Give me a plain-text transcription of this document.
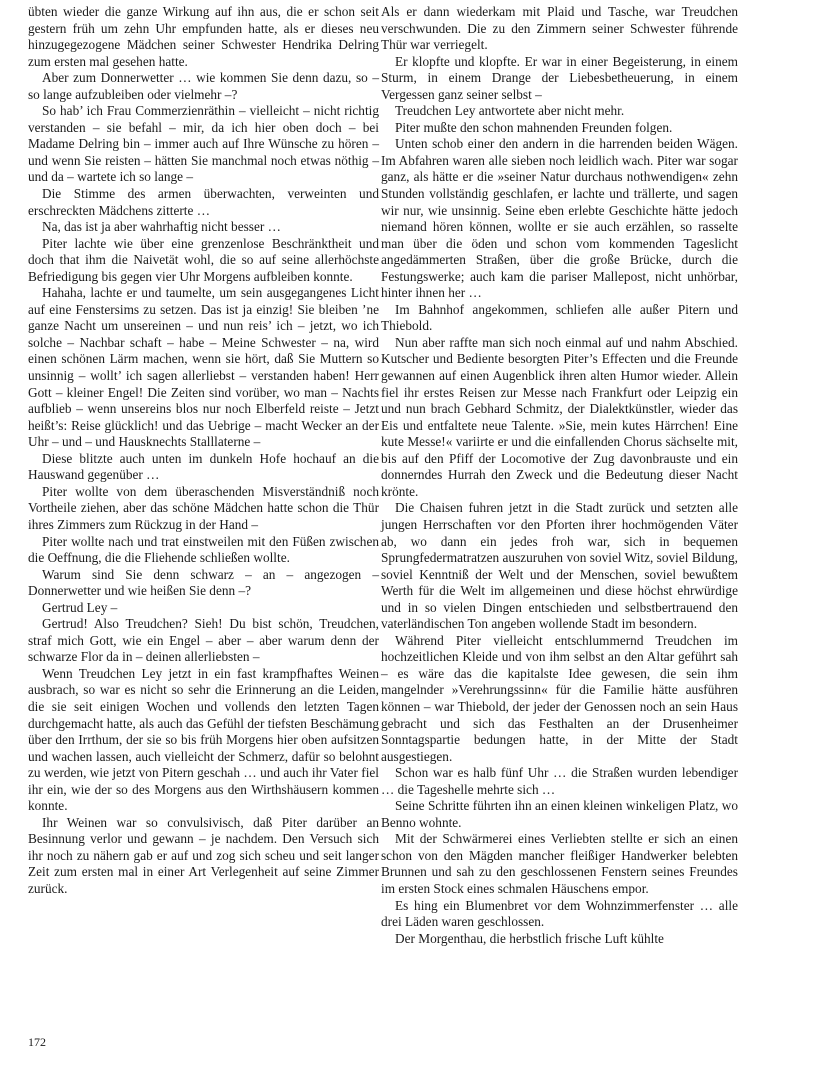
übten wieder die ganze Wirkung auf ihn aus, die er schon seit gestern früh um zehn Uhr empfunden hatte, als er dieses neu hinzugegezogene Mädchen seiner Schwester Hendrika Delring zum ersten mal gesehen hatte.

Aber zum Donnerwetter … wie kommen Sie denn dazu, so – so lange aufzubleiben oder vielmehr –?

So hab’ ich Frau Commerzienräthin – vielleicht – nicht richtig verstanden – sie befahl – mir, da ich hier oben doch – bei Madame Delring bin – immer auch auf Ihre Wünsche zu hören – und wenn Sie reisten – hätten Sie manchmal noch etwas nöthig – und da – wartete ich so lange –

Die Stimme des armen überwachten, verweinten und erschreckten Mädchens zitterte …

Na, das ist ja aber wahrhaftig nicht besser …

Piter lachte wie über eine grenzenlose Beschränktheit und doch that ihm die Naivetät wohl, die so auf seine allerhöchste Befriedigung bis gegen vier Uhr Morgens aufbleiben konnte.

Hahaha, lachte er und taumelte, um sein ausgegangenes Licht auf eine Fenstersims zu setzen. Das ist ja einzig! Sie bleiben ’ne ganze Nacht um unsereinen – und nun reis’ ich – jetzt, wo ich solche – Nachbar schaft – habe – Meine Schwester – na, wird einen schönen Lärm machen, wenn sie hört, daß Sie Muttern so unsinnig – wollt’ ich sagen allerliebst – verstanden haben! Herr Gott – kleiner Engel! Die Zeiten sind vorüber, wo man – Nachts aufblieb – wenn unsereins blos nur noch Elberfeld reiste – Jetzt heißt’s: Reise glücklich! und das Uebrige – macht Wecker an der Uhr – und – und Hausknechts Stalllaterne –

Diese blitzte auch unten im dunkeln Hofe hochauf an die Hauswand gegenüber …

Piter wollte von dem überaschenden Misverständniß noch Vortheile ziehen, aber das schöne Mädchen hatte schon die Thür ihres Zimmers zum Rückzug in der Hand –

Piter wollte nach und trat einstweilen mit den Füßen zwischen die Oeffnung, die die Fliehende schließen wollte.

Warum sind Sie denn schwarz – an – angezogen – Donnerwetter und wie heißen Sie denn –?

Gertrud Ley –

Gertrud! Also Treudchen? Sieh! Du bist schön, Treudchen, straf mich Gott, wie ein Engel – aber – aber warum denn der schwarze Flor da in – deinen allerliebsten –

Wenn Treudchen Ley jetzt in ein fast krampfhaftes Weinen ausbrach, so war es nicht so sehr die Erinnerung an die Leiden, die sie seit einigen Wochen und vollends den letzten Tagen durchgemacht hatte, als auch das Gefühl der tiefsten Beschämung über den Irrthum, der sie so bis früh Morgens hier oben aufsitzen und wachen lassen, auch vielleicht der Schmerz, dafür so belohnt zu werden, wie jetzt von Pitern geschah … und auch ihr Vater fiel ihr ein, wie der so des Morgens aus den Wirthshäusern kommen konnte.

Ihr Weinen war so convulsivisch, daß Piter darüber an Besinnung verlor und gewann – je nachdem. Den Versuch sich ihr noch zu nähern gab er auf und zog sich scheu und seit langer Zeit zum ersten mal in einer Art Verlegenheit auf seine Zimmer zurück.

Als er dann wiederkam mit Plaid und Tasche, war Treudchen verschwunden. Die zu den Zimmern seiner Schwester führende Thür war verriegelt.

Er klopfte und klopfte. Er war in einer Begeisterung, in einem Sturm, in einem Drange der Liebesbetheuerung, in einem Vergessen ganz seiner selbst –

Treudchen Ley antwortete aber nicht mehr.

Piter mußte den schon mahnenden Freunden folgen.

Unten schob einer den andern in die harrenden beiden Wägen. Im Abfahren waren alle sieben noch leidlich wach. Piter war sogar ganz, als hätte er die »seiner Natur durchaus nothwendigen« zehn Stunden vollständig geschlafen, er lachte und trällerte, und sagen wir nur, wie unsinnig. Seine eben erlebte Geschichte hätte jedoch niemand hören können, wollte er sie auch erzählen, so rasselte man über die öden und schon vom kommenden Tageslicht angedämmerten Straßen, über die große Brücke, durch die Festungswerke; auch kam die pariser Mallepost, nicht unhörbar, hinter ihnen her …

Im Bahnhof angekommen, schliefen alle außer Pitern und Thiebold.

Nun aber raffte man sich noch einmal auf und nahm Abschied. Kutscher und Bediente besorgten Piter’s Effecten und die Freunde gewannen auf einen Augenblick ihren alten Humor wieder. Allein fiel ihr erstes Reisen zur Messe nach Frankfurt oder Leipzig ein und nun brach Gebhard Schmitz, der Dialektkünstler, wieder das Eis und entfaltete neue Talente. »Sie, mein kutes Härrchen! Eine kute Messe!« variirte er und die einfallenden Chorus sächselte mit, bis auf den Pfiff der Locomotive der Zug davonbrauste und ein donnerndes Hurrah den Zweck und die Bedeutung dieser Nacht krönte.

Die Chaisen fuhren jetzt in die Stadt zurück und setzten alle jungen Herrschaften vor den Pforten ihrer hochmögenden Väter ab, wo dann ein jedes froh war, sich in bequemen Sprungfedermatratzen auszuruhen von soviel Witz, soviel Bildung, soviel Kenntniß der Welt und der Menschen, soviel bewußtem Werth für die Welt im allgemeinen und diese höchst ehrwürdige und in so vielen Dingen entschieden und selbstbertrauend den vaterländischen Ton angeben wollende Stadt im besondern.

Während Piter vielleicht entschlummernd Treudchen im hochzeitlichen Kleide und von ihm selbst an den Altar geführt sah – es wäre das die kapitalste Idee gewesen, die sein ihm mangelnder »Verehrungssinn« für die Familie hätte ausführen können – war Thiebold, der jeder der Genossen noch an sein Haus gebracht und sich das Festhalten an der Drusenheimer Sonntagspartie bedungen hatte, in der Mitte der Stadt ausgestiegen.

Schon war es halb fünf Uhr … die Straßen wurden lebendiger … die Tageshelle mehrte sich …

Seine Schritte führten ihn an einen kleinen winkeligen Platz, wo Benno wohnte.

Mit der Schwärmerei eines Verliebten stellte er sich an einen schon von den Mägden mancher fleißiger Handwerker belebten Brunnen und sah zu den geschlossenen Fenstern seines Freundes im ersten Stock eines schmalen Häuschens empor.

Es hing ein Blumenbret vor dem Wohnzimmerfenster … alle drei Läden waren geschlossen.

Der Morgenthau, die herbstlich frische Luft kühlte

172
